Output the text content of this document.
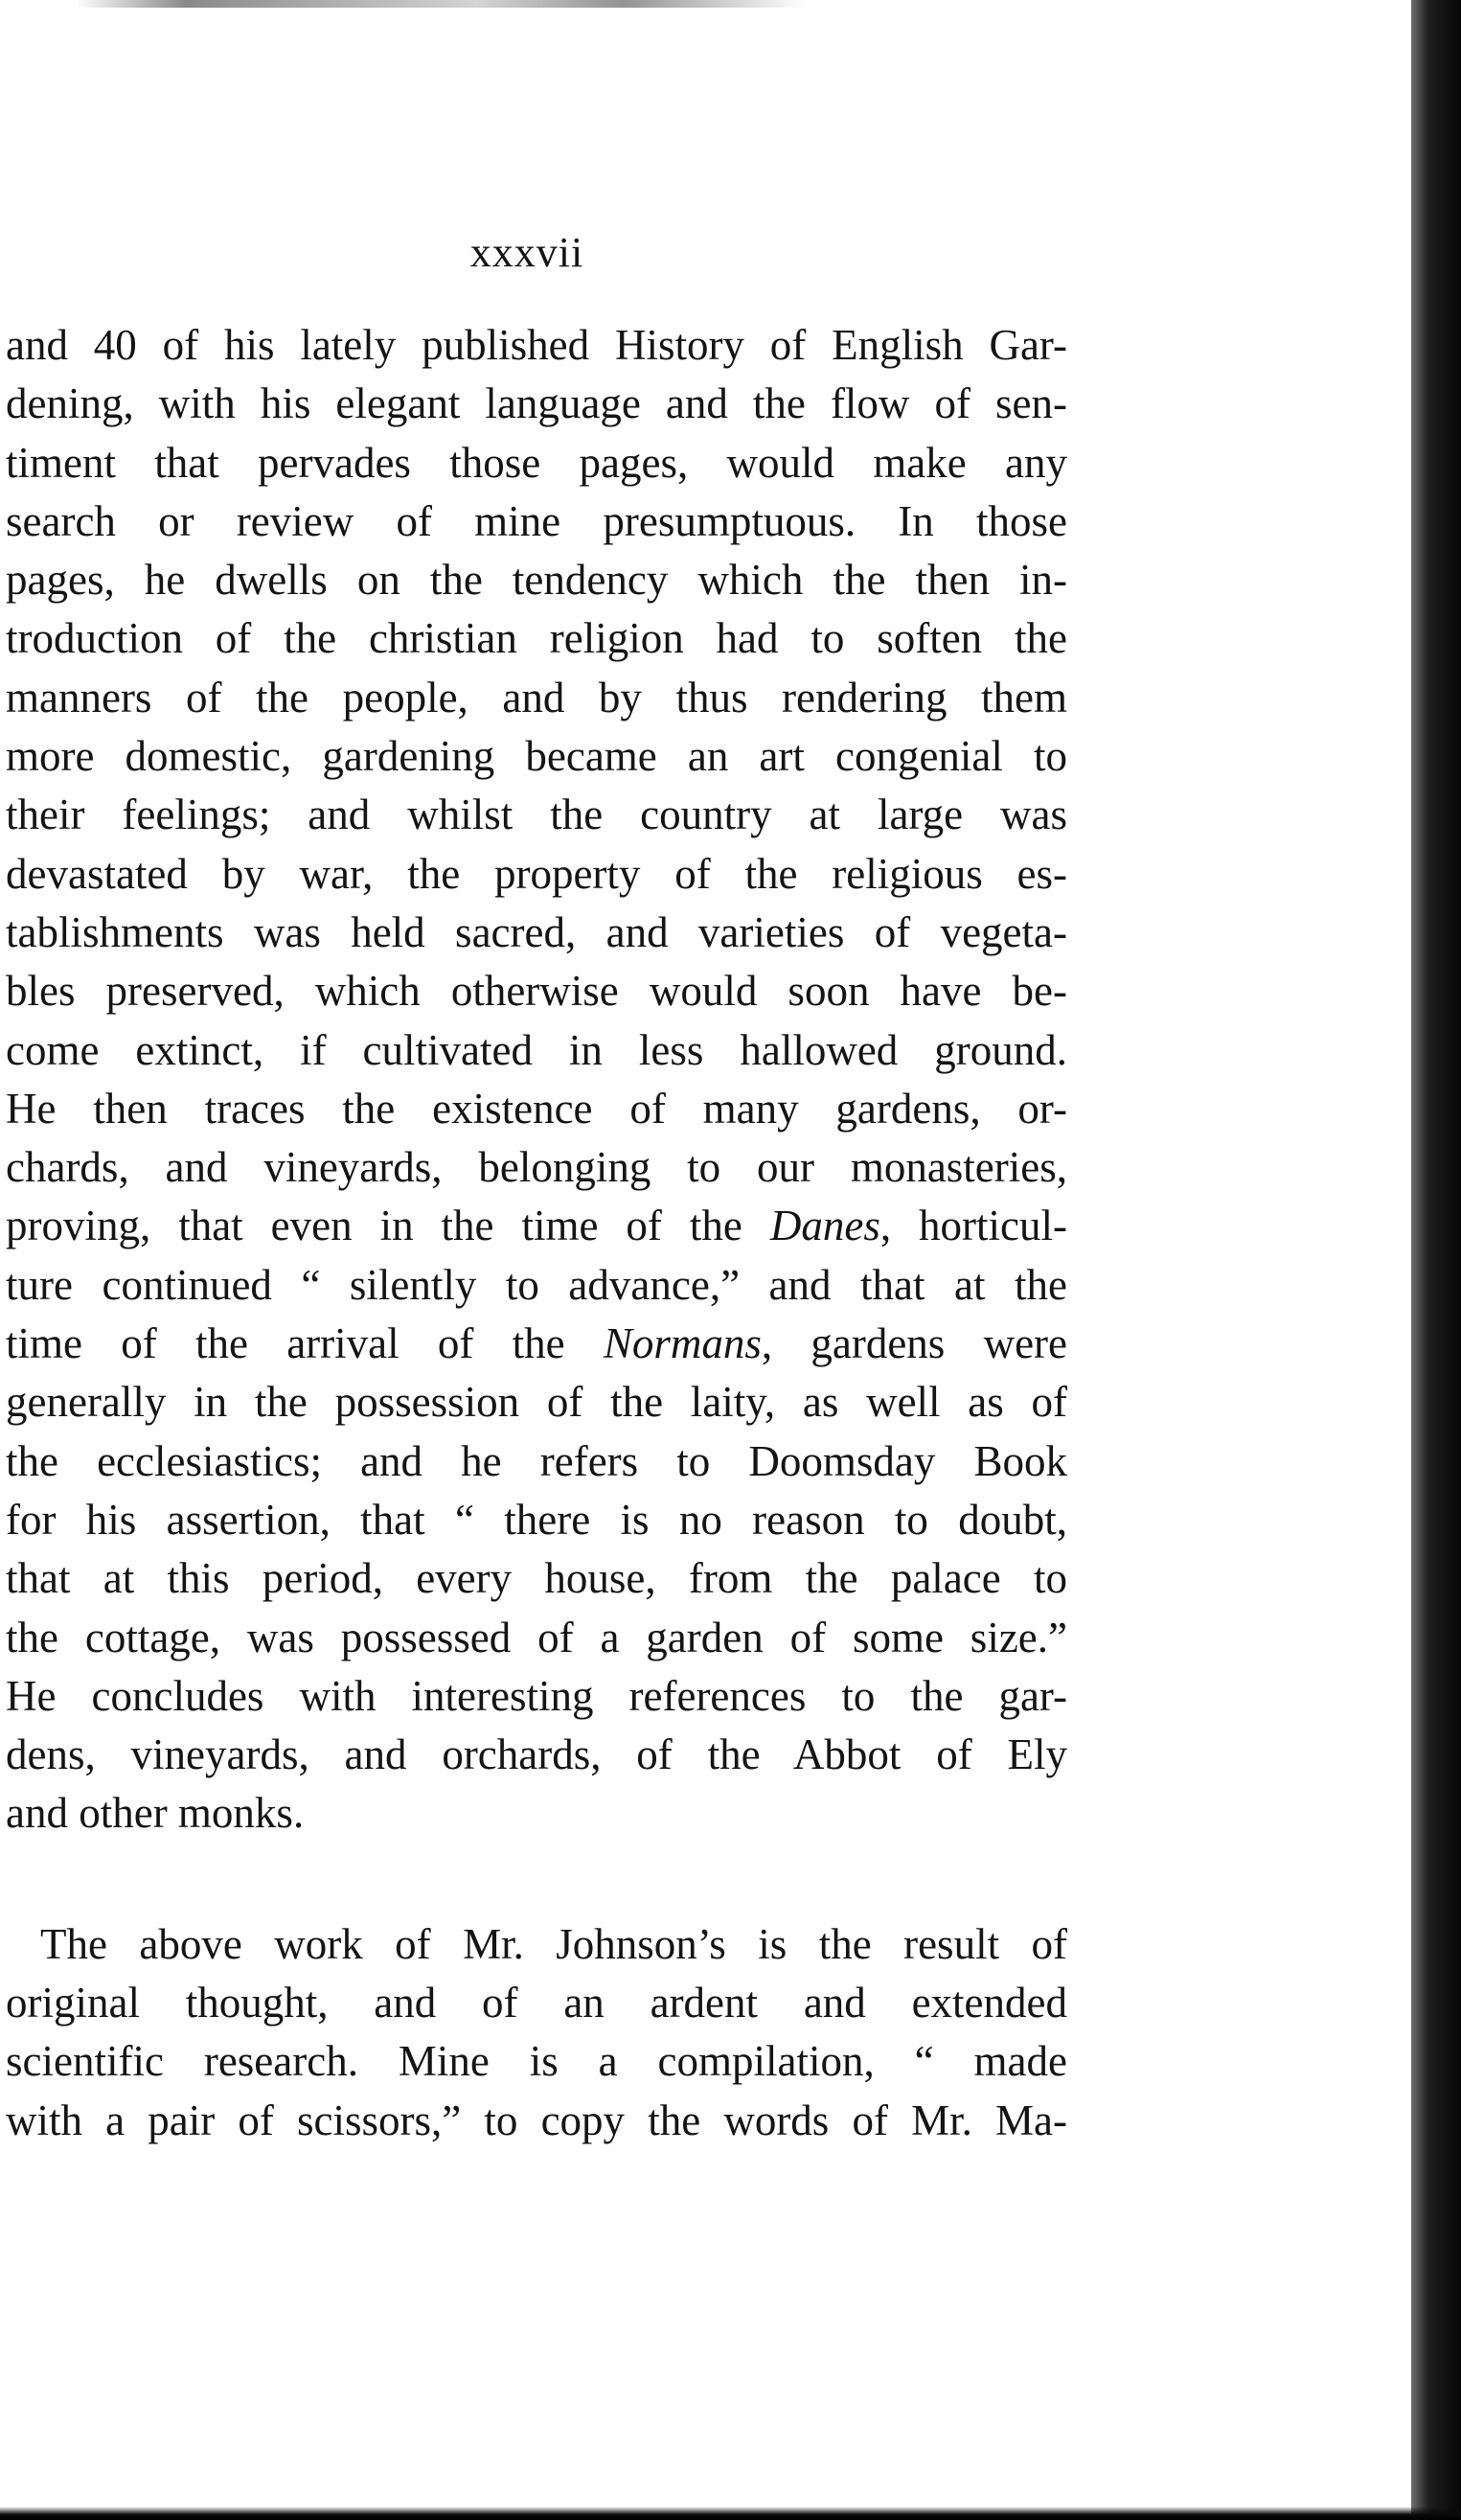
xxxvii
and 40 of his lately published History of English Gar-
dening, with his elegant language and the flow of sen-
timent that pervades those pages, would make any
search or review of mine presumptuous. In those
pages, he dwells on the tendency which the then in-
troduction of the christian religion had to soften the
manners of the people, and by thus rendering them
more domestic, gardening became an art congenial to
their feelings; and whilst the country at large was
devastated by war, the property of the religious es-
tablishments was held sacred, and varieties of vegeta-
bles preserved, which otherwise would soon have be-
come extinct, if cultivated in less hallowed ground.
He then traces the existence of many gardens, or-
chards, and vineyards, belonging to our monasteries,
proving, that even in the time of the Danes, horticul-
ture continued “ silently to advance,” and that at the
time of the arrival of the Normans, gardens were
generally in the possession of the laity, as well as of
the ecclesiastics; and he refers to Doomsday Book
for his assertion, that “ there is no reason to doubt,
that at this period, every house, from the palace to
the cottage, was possessed of a garden of some size.”
He concludes with interesting references to the gar-
dens, vineyards, and orchards, of the Abbot of Ely
and other monks.
The above work of Mr. Johnson’s is the result of
original thought, and of an ardent and extended
scientific research. Mine is a compilation, “ made
with a pair of scissors,” to copy the words of Mr. Ma-
